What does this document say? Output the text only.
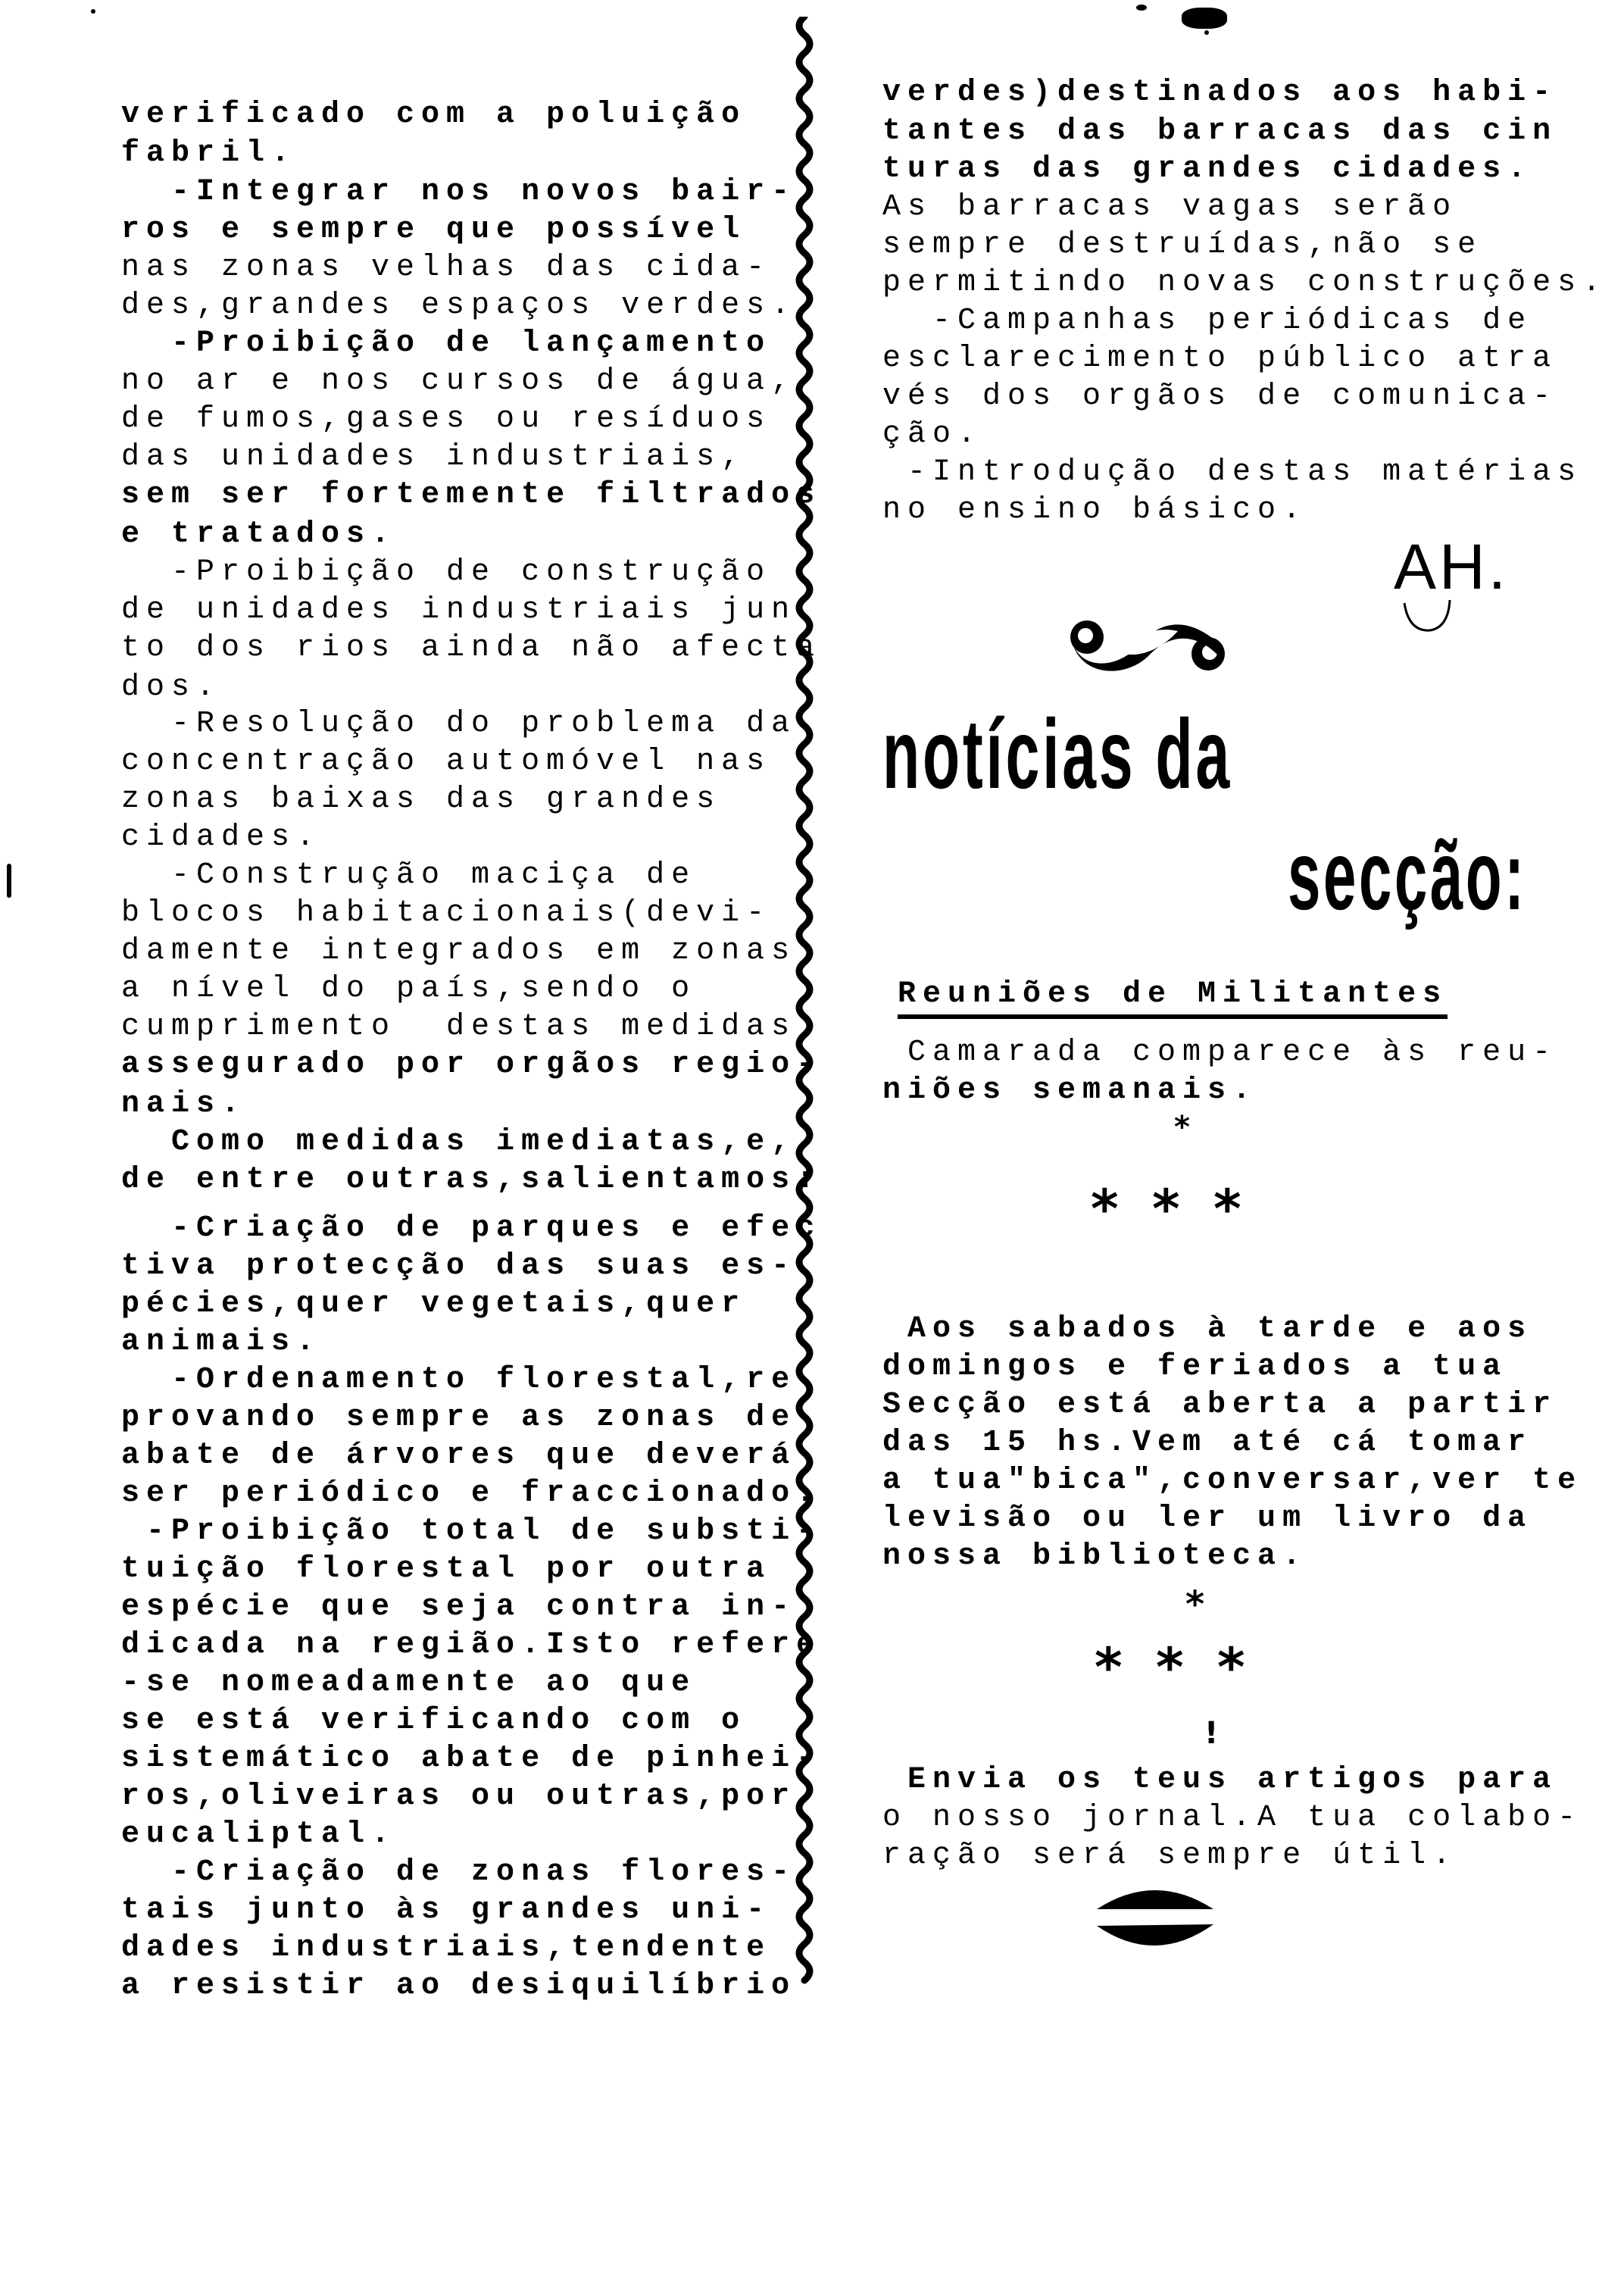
verificado com a poluição
fabril.
-Integrar nos novos bair-
ros e sempre que possível
nas zonas velhas das cida-
des,grandes espaços verdes.
-Proibição de lançamento
no ar e nos cursos de água,
de fumos,gases ou resíduos
das unidades industriais,
sem ser fortemente filtrados
e tratados.
-Proibição de construção
de unidades industriais jun
to dos rios ainda não afecta
dos.
-Resolução do problema da
concentração automóvel nas
zonas baixas das grandes
cidades.
-Construção maciça de
blocos habitacionais(devi-
damente integrados em zonas
a nível do país,sendo o
cumprimento  destas medidas
assegurado por orgãos regio-
nais.
Como medidas imediatas,e,
de entre outras,salientamos:
-Criação de parques e efec
tiva protecção das suas es-
pécies,quer vegetais,quer
animais.
-Ordenamento florestal,re
provando sempre as zonas de
abate de árvores que deverá
ser periódico e fraccionado.
-Proibição total de substi-
tuição florestal por outra
espécie que seja contra in-
dicada na região.Isto refere
-se nomeadamente ao que
se está verificando com o
sistemático abate de pinhei-
ros,oliveiras ou outras,por
eucaliptal.
-Criação de zonas flores-
tais junto às grandes uni-
dades industriais,tendente
a resistir ao desiquilíbrio
verdes)destinados aos habi-
tantes das barracas das cin
turas das grandes cidades.
As barracas vagas serão
sempre destruídas,não se
permitindo novas construções.
-Campanhas periódicas de
esclarecimento público atra
vés dos orgãos de comunica-
ção.
-Introdução destas matérias
no ensino básico.
AH.
notícias da
secção:
Reuniões de Militantes
Camarada comparece às reu-
niões semanais.
*
* * *
Aos sabados à tarde e aos
domingos e feriados a tua
Secção está aberta a partir
das 15 hs.Vem até cá tomar
a tua"bica",conversar,ver te
levisão ou ler um livro da
nossa biblioteca.
*
* * *
!
Envia os teus artigos para
o nosso jornal.A tua colabo-
ração será sempre útil.
